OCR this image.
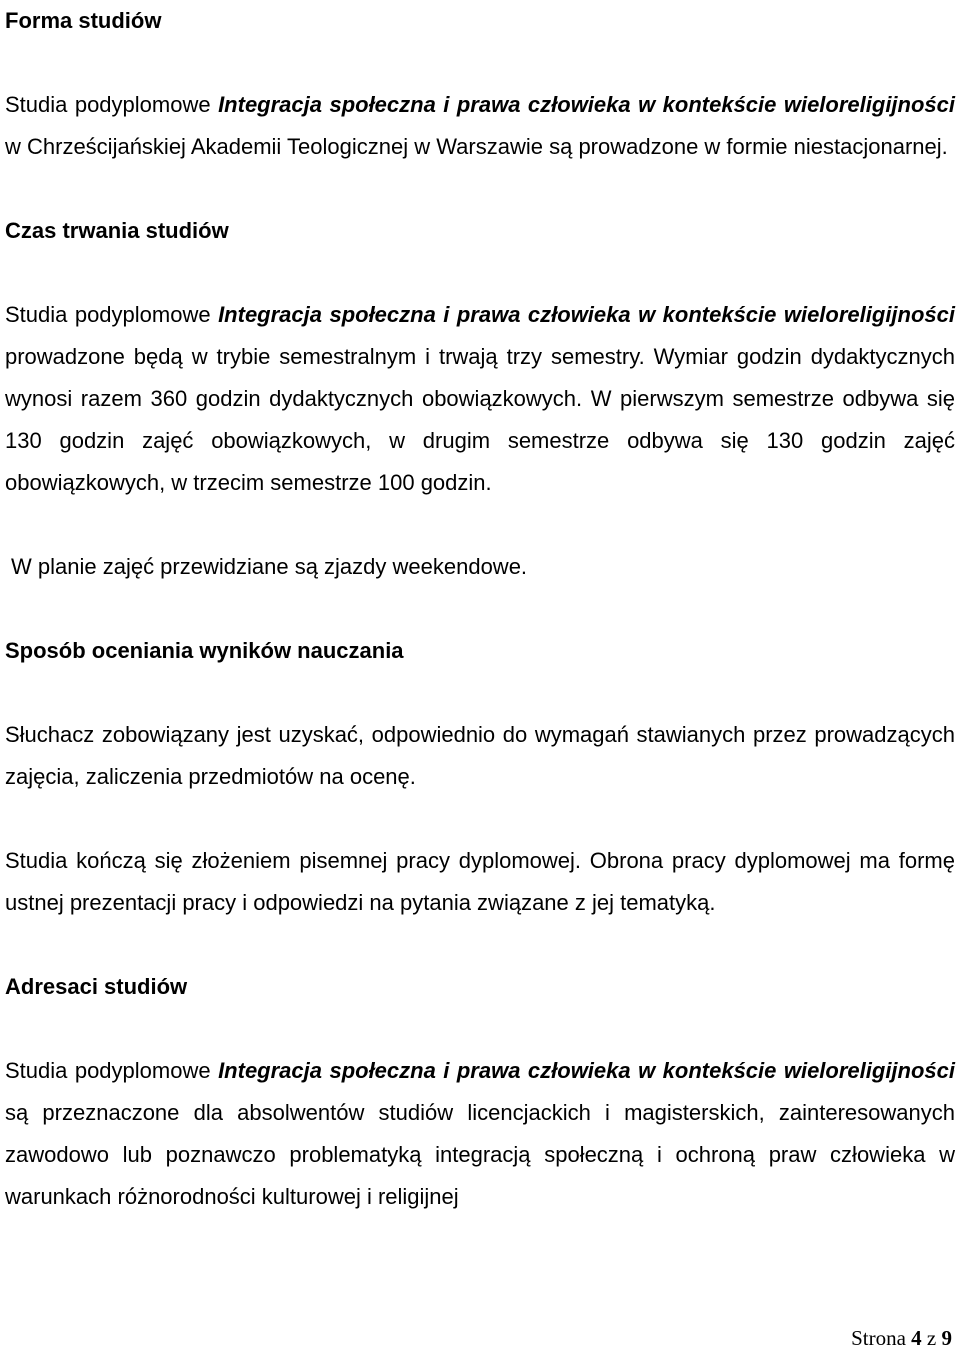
Forma studiów

Studia podyplomowe Integracja społeczna i prawa człowieka w kontekście wieloreligijności w Chrześcijańskiej Akademii Teologicznej w Warszawie są prowadzone w formie niestacjonarnej.

Czas trwania studiów

Studia podyplomowe Integracja społeczna i prawa człowieka w kontekście wieloreligijności prowadzone będą w trybie semestralnym i trwają trzy semestry. Wymiar godzin dydaktycznych wynosi razem 360 godzin dydaktycznych obowiązkowych. W pierwszym semestrze odbywa się 130 godzin zajęć obowiązkowych, w drugim semestrze odbywa się 130 godzin zajęć obowiązkowych, w trzecim semestrze 100 godzin.

W planie zajęć przewidziane są zjazdy weekendowe.

Sposób oceniania wyników nauczania

Słuchacz zobowiązany jest uzyskać, odpowiednio do wymagań stawianych przez prowadzących zajęcia, zaliczenia przedmiotów na ocenę.

Studia kończą się złożeniem pisemnej pracy dyplomowej. Obrona pracy dyplomowej ma formę ustnej prezentacji pracy i odpowiedzi na pytania związane z jej tematyką.

Adresaci studiów

Studia podyplomowe Integracja społeczna i prawa człowieka w kontekście wieloreligijności są przeznaczone dla absolwentów studiów licencjackich i magisterskich, zainteresowanych zawodowo lub poznawczo problematyką integracją społeczną i ochroną praw człowieka w warunkach różnorodności kulturowej i religijnej

Strona 4 z 9
